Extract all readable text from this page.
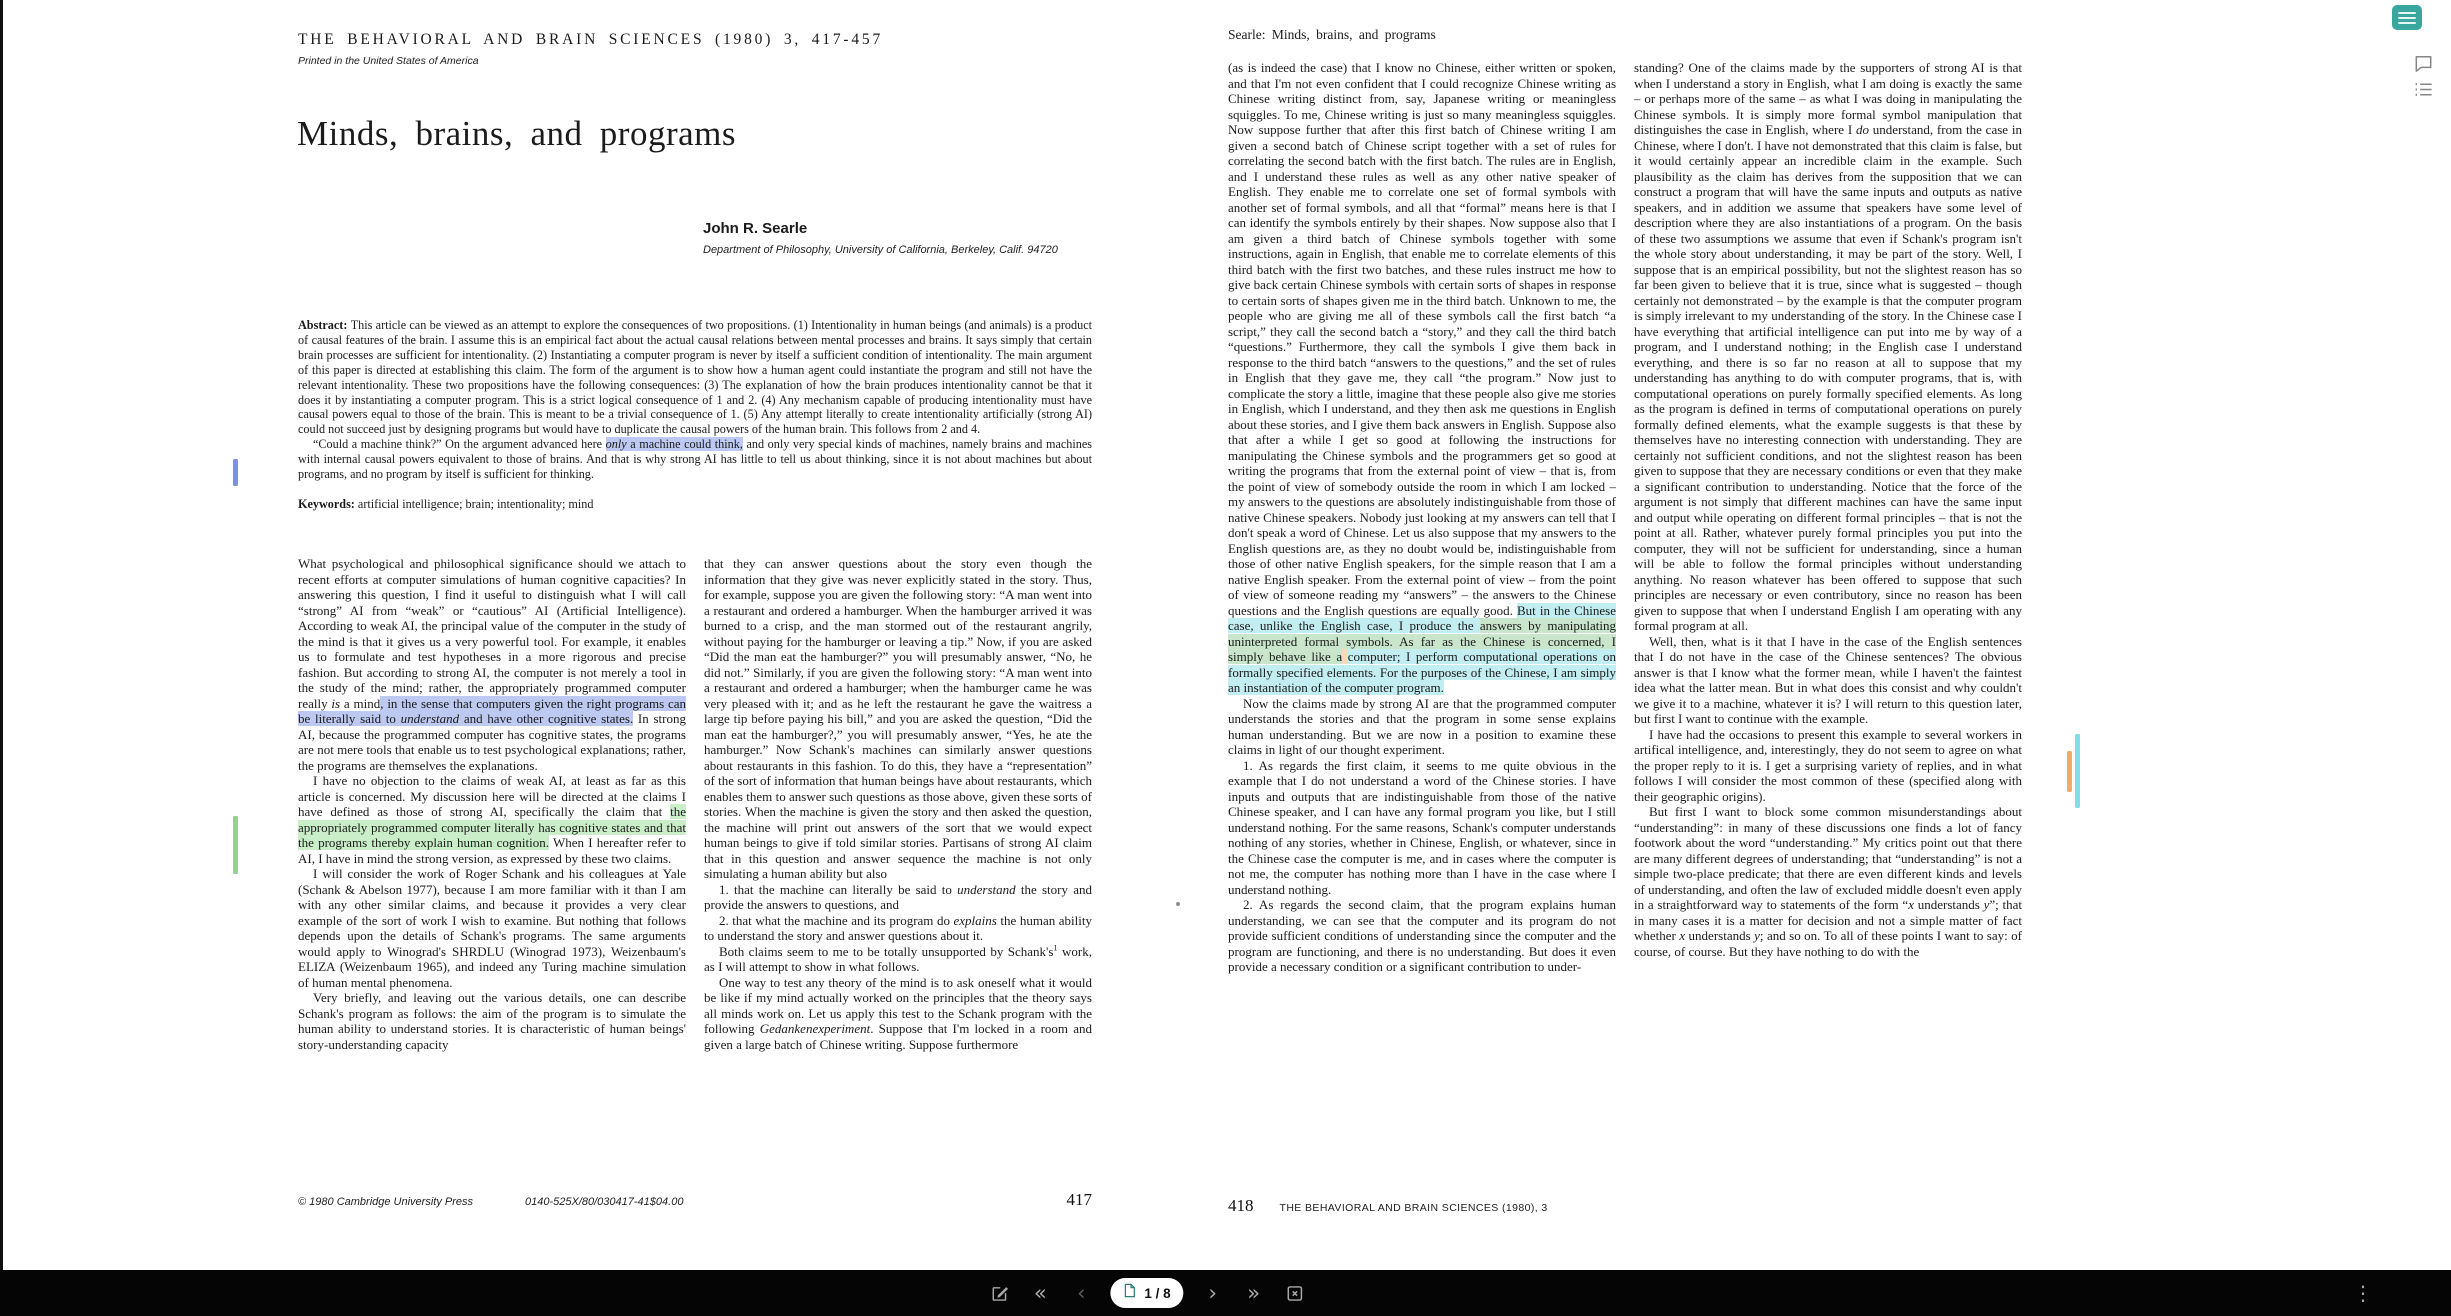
THE BEHAVIORAL AND BRAIN SCIENCES (1980) 3, 417-457
Printed in the United States of America
Minds, brains, and programs
John R. Searle
Department of Philosophy, University of California, Berkeley, Calif. 94720

Abstract: This article can be viewed as an attempt to explore the consequences of two propositions. (1) Intentionality in human beings (and animals) is a product of causal features of the brain. I assume this is an empirical fact about the actual causal relations between mental processes and brains. It says simply that certain brain processes are sufficient for intentionality. (2) Instantiating a computer program is never by itself a sufficient condition of intentionality. The main argument of this paper is directed at establishing this claim. The form of the argument is to show how a human agent could instantiate the program and still not have the relevant intentionality. These two propositions have the following consequences: (3) The explanation of how the brain produces intentionality cannot be that it does it by instantiating a computer program. This is a strict logical consequence of 1 and 2. (4) Any mechanism capable of producing intentionality must have causal powers equal to those of the brain. This is meant to be a trivial consequence of 1. (5) Any attempt literally to create intentionality artificially (strong AI) could not succeed just by designing programs but would have to duplicate the causal powers of the human brain. This follows from 2 and 4.

“Could a machine think?” On the argument advanced here only a machine could think, and only very special kinds of machines, namely brains and machines with internal causal powers equivalent to those of brains. And that is why strong AI has little to tell us about thinking, since it is not about machines but about programs, and no program by itself is sufficient for thinking.

Keywords: artificial intelligence; brain; intentionality; mind

What psychological and philosophical significance should we attach to recent efforts at computer simulations of human cognitive capacities? In answering this question, I find it useful to distinguish what I will call “strong” AI from “weak” or “cautious” AI (Artificial Intelligence). According to weak AI, the principal value of the computer in the study of the mind is that it gives us a very powerful tool. For example, it enables us to formulate and test hypotheses in a more rigorous and precise fashion. But according to strong AI, the computer is not merely a tool in the study of the mind; rather, the appropriately programmed computer really is a mind, in the sense that computers given the right programs can be literally said to understand and have other cognitive states. In strong AI, because the programmed computer has cognitive states, the programs are not mere tools that enable us to test psychological explanations; rather, the programs are themselves the explanations.

I have no objection to the claims of weak AI, at least as far as this article is concerned. My discussion here will be directed at the claims I have defined as those of strong AI, specifically the claim that the appropriately programmed computer literally has cognitive states and that the programs thereby explain human cognition. When I hereafter refer to AI, I have in mind the strong version, as expressed by these two claims.

I will consider the work of Roger Schank and his colleagues at Yale (Schank & Abelson 1977), because I am more familiar with it than I am with any other similar claims, and because it provides a very clear example of the sort of work I wish to examine. But nothing that follows depends upon the details of Schank's programs. The same arguments would apply to Winograd's SHRDLU (Winograd 1973), Weizenbaum's ELIZA (Weizenbaum 1965), and indeed any Turing machine simulation of human mental phenomena.

Very briefly, and leaving out the various details, one can describe Schank's program as follows: the aim of the program is to simulate the human ability to understand stories. It is characteristic of human beings' story-understanding capacity

that they can answer questions about the story even though the information that they give was never explicitly stated in the story. Thus, for example, suppose you are given the following story: “A man went into a restaurant and ordered a hamburger. When the hamburger arrived it was burned to a crisp, and the man stormed out of the restaurant angrily, without paying for the hamburger or leaving a tip.” Now, if you are asked “Did the man eat the hamburger?” you will presumably answer, “No, he did not.” Similarly, if you are given the following story: “A man went into a restaurant and ordered a hamburger; when the hamburger came he was very pleased with it; and as he left the restaurant he gave the waitress a large tip before paying his bill,” and you are asked the question, “Did the man eat the hamburger?,” you will presumably answer, “Yes, he ate the hamburger.” Now Schank's machines can similarly answer questions about restaurants in this fashion. To do this, they have a “representation” of the sort of information that human beings have about restaurants, which enables them to answer such questions as those above, given these sorts of stories. When the machine is given the story and then asked the question, the machine will print out answers of the sort that we would expect human beings to give if told similar stories. Partisans of strong AI claim that in this question and answer sequence the machine is not only simulating a human ability but also

1. that the machine can literally be said to understand the story and provide the answers to questions, and

2. that what the machine and its program do explains the human ability to understand the story and answer questions about it.

Both claims seem to me to be totally unsupported by $Schank's^1$ work, as I will attempt to show in what follows.

One way to test any theory of the mind is to ask oneself what it would be like if my mind actually worked on the principles that the theory says all minds work on. Let us apply this test to the Schank program with the following Gedankenexperiment. Suppose that I'm locked in a room and given a large batch of Chinese writing. Suppose furthermore

© 1980 Cambridge University Press	0140-525X/80/030417-41$04.00	417
Searle: Minds, brains, and programs

(as is indeed the case) that I know no Chinese, either written or spoken, and that I'm not even confident that I could recognize Chinese writing as Chinese writing distinct from, say, Japanese writing or meaningless squiggles. To me, Chinese writing is just so many meaningless squiggles. Now suppose further that after this first batch of Chinese writing I am given a second batch of Chinese script together with a set of rules for correlating the second batch with the first batch. The rules are in English, and I understand these rules as well as any other native speaker of English. They enable me to correlate one set of formal symbols with another set of formal symbols, and all that “formal” means here is that I can identify the symbols entirely by their shapes. Now suppose also that I am given a third batch of Chinese symbols together with some instructions, again in English, that enable me to correlate elements of this third batch with the first two batches, and these rules instruct me how to give back certain Chinese symbols with certain sorts of shapes in response to certain sorts of shapes given me in the third batch. Unknown to me, the people who are giving me all of these symbols call the first batch “a script,” they call the second batch a “story,” and they call the third batch “questions.” Furthermore, they call the symbols I give them back in response to the third batch “answers to the questions,” and the set of rules in English that they gave me, they call “the program.” Now just to complicate the story a little, imagine that these people also give me stories in English, which I understand, and they then ask me questions in English about these stories, and I give them back answers in English. Suppose also that after a while I get so good at following the instructions for manipulating the Chinese symbols and the programmers get so good at writing the programs that from the external point of view – that is, from the point of view of somebody outside the room in which I am locked – my answers to the questions are absolutely indistinguishable from those of native Chinese speakers. Nobody just looking at my answers can tell that I don't speak a word of Chinese. Let us also suppose that my answers to the English questions are, as they no doubt would be, indistinguishable from those of other native English speakers, for the simple reason that I am a native English speaker. From the external point of view – from the point of view of someone reading my “answers” – the answers to the Chinese questions and the English questions are equally good. But in the Chinese case, unlike the English case, I produce the answers by manipulating uninterpreted formal symbols. As far as the Chinese is concerned, I simply behave like a computer; I perform computational operations on formally specified elements. For the purposes of the Chinese, I am simply an instantiation of the computer program.

Now the claims made by strong AI are that the programmed computer understands the stories and that the program in some sense explains human understanding. But we are now in a position to examine these claims in light of our thought experiment.

1. As regards the first claim, it seems to me quite obvious in the example that I do not understand a word of the Chinese stories. I have inputs and outputs that are indistinguishable from those of the native Chinese speaker, and I can have any formal program you like, but I still understand nothing. For the same reasons, Schank's computer understands nothing of any stories, whether in Chinese, English, or whatever, since in the Chinese case the computer is me, and in cases where the computer is not me, the computer has nothing more than I have in the case where I understand nothing.

2. As regards the second claim, that the program explains human understanding, we can see that the computer and its program do not provide sufficient conditions of understanding since the computer and the program are functioning, and there is no understanding. But does it even provide a necessary condition or a significant contribution to under-

standing? One of the claims made by the supporters of strong AI is that when I understand a story in English, what I am doing is exactly the same – or perhaps more of the same – as what I was doing in manipulating the Chinese symbols. It is simply more formal symbol manipulation that distinguishes the case in English, where I do understand, from the case in Chinese, where I don't. I have not demonstrated that this claim is false, but it would certainly appear an incredible claim in the example. Such plausibility as the claim has derives from the supposition that we can construct a program that will have the same inputs and outputs as native speakers, and in addition we assume that speakers have some level of description where they are also instantiations of a program. On the basis of these two assumptions we assume that even if Schank's program isn't the whole story about understanding, it may be part of the story. Well, I suppose that is an empirical possibility, but not the slightest reason has so far been given to believe that it is true, since what is suggested – though certainly not demonstrated – by the example is that the computer program is simply irrelevant to my understanding of the story. In the Chinese case I have everything that artificial intelligence can put into me by way of a program, and I understand nothing; in the English case I understand everything, and there is so far no reason at all to suppose that my understanding has anything to do with computer programs, that is, with computational operations on purely formally specified elements. As long as the program is defined in terms of computational operations on purely formally defined elements, what the example suggests is that these by themselves have no interesting connection with understanding. They are certainly not sufficient conditions, and not the slightest reason has been given to suppose that they are necessary conditions or even that they make a significant contribution to understanding. Notice that the force of the argument is not simply that different machines can have the same input and output while operating on different formal principles – that is not the point at all. Rather, whatever purely formal principles you put into the computer, they will not be sufficient for understanding, since a human will be able to follow the formal principles without understanding anything. No reason whatever has been offered to suppose that such principles are necessary or even contributory, since no reason has been given to suppose that when I understand English I am operating with any formal program at all.

Well, then, what is it that I have in the case of the English sentences that I do not have in the case of the Chinese sentences? The obvious answer is that I know what the former mean, while I haven't the faintest idea what the latter mean. But in what does this consist and why couldn't we give it to a machine, whatever it is? I will return to this question later, but first I want to continue with the example.

I have had the occasions to present this example to several workers in artifical intelligence, and, interestingly, they do not seem to agree on what the proper reply to it is. I get a surprising variety of replies, and in what follows I will consider the most common of these (specified along with their geographic origins).

But first I want to block some common misunderstandings about “understanding”: in many of these discussions one finds a lot of fancy footwork about the word “understanding.” My critics point out that there are many different degrees of understanding; that “understanding” is not a simple two-place predicate; that there are even different kinds and levels of understanding, and often the law of excluded middle doesn't even apply in a straightforward way to statements of the form “x understands y”; that in many cases it is a matter for decision and not a simple matter of fact whether x understands y; and so on. To all of these points I want to say: of course, of course. But they have nothing to do with the

418 THE BEHAVIORAL AND BRAIN SCIENCES (1980), 3
« ‹	1 / 8 › »	⋮
